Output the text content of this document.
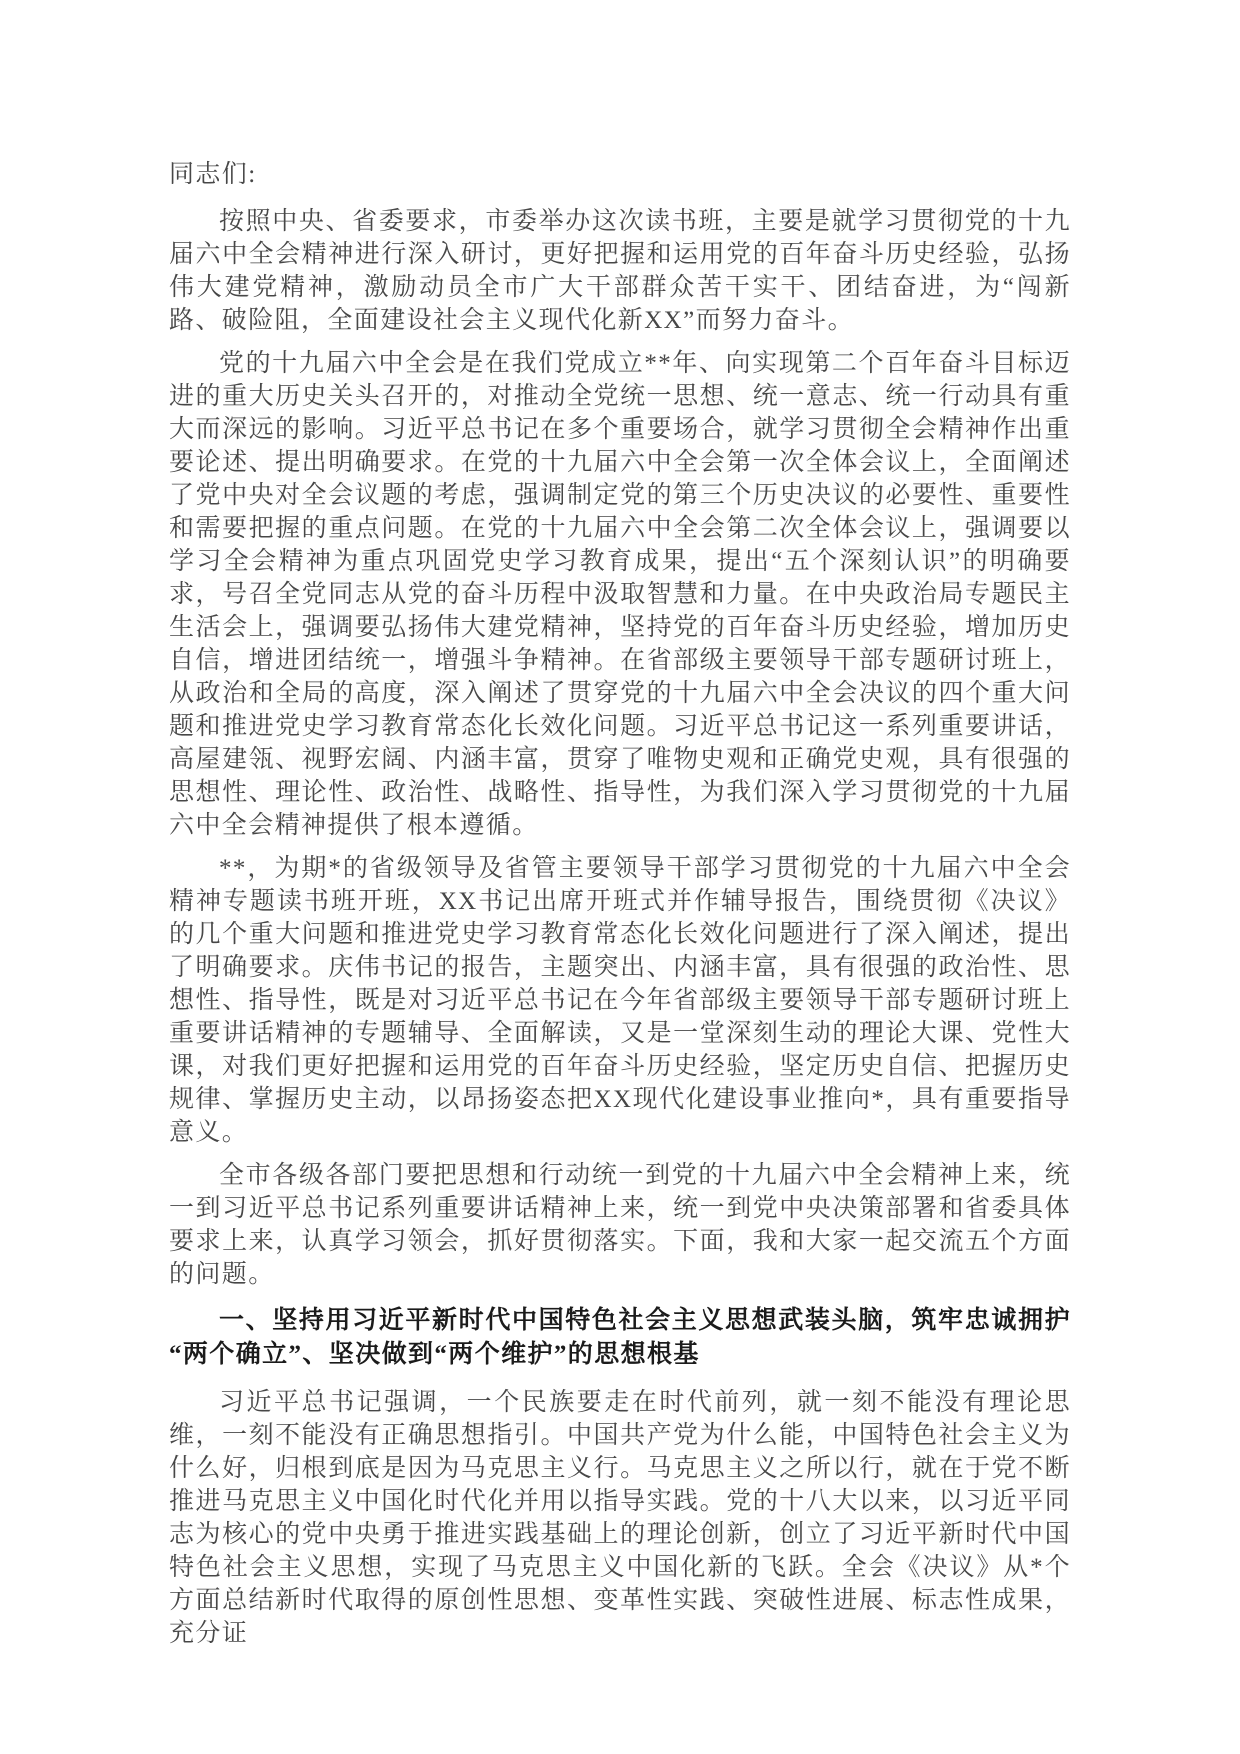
同志们:

按照中央、省委要求，市委举办这次读书班，主要是就学习贯彻党的十九届六中全会精神进行深入研讨，更好把握和运用党的百年奋斗历史经验，弘扬伟大建党精神，激励动员全市广大干部群众苦干实干、团结奋进，为“闯新路、破险阻，全面建设社会主义现代化新XX”而努力奋斗。

党的十九届六中全会是在我们党成立**年、向实现第二个百年奋斗目标迈进的重大历史关头召开的，对推动全党统一思想、统一意志、统一行动具有重大而深远的影响。习近平总书记在多个重要场合，就学习贯彻全会精神作出重要论述、提出明确要求。在党的十九届六中全会第一次全体会议上，全面阐述了党中央对全会议题的考虑，强调制定党的第三个历史决议的必要性、重要性和需要把握的重点问题。在党的十九届六中全会第二次全体会议上，强调要以学习全会精神为重点巩固党史学习教育成果，提出“五个深刻认识”的明确要求，号召全党同志从党的奋斗历程中汲取智慧和力量。在中央政治局专题民主生活会上，强调要弘扬伟大建党精神，坚持党的百年奋斗历史经验，增加历史自信，增进团结统一，增强斗争精神。在省部级主要领导干部专题研讨班上，从政治和全局的高度，深入阐述了贯穿党的十九届六中全会决议的四个重大问题和推进党史学习教育常态化长效化问题。习近平总书记这一系列重要讲话，高屋建瓴、视野宏阔、内涵丰富，贯穿了唯物史观和正确党史观，具有很强的思想性、理论性、政治性、战略性、指导性，为我们深入学习贯彻党的十九届六中全会精神提供了根本遵循。

**，为期*的省级领导及省管主要领导干部学习贯彻党的十九届六中全会精神专题读书班开班，XX书记出席开班式并作辅导报告，围绕贯彻《决议》的几个重大问题和推进党史学习教育常态化长效化问题进行了深入阐述，提出了明确要求。庆伟书记的报告，主题突出、内涵丰富，具有很强的政治性、思想性、指导性，既是对习近平总书记在今年省部级主要领导干部专题研讨班上重要讲话精神的专题辅导、全面解读，又是一堂深刻生动的理论大课、党性大课，对我们更好把握和运用党的百年奋斗历史经验，坚定历史自信、把握历史规律、掌握历史主动，以昂扬姿态把XX现代化建设事业推向*，具有重要指导意义。

全市各级各部门要把思想和行动统一到党的十九届六中全会精神上来，统一到习近平总书记系列重要讲话精神上来，统一到党中央决策部署和省委具体要求上来，认真学习领会，抓好贯彻落实。下面，我和大家一起交流五个方面的问题。

一、坚持用习近平新时代中国特色社会主义思想武装头脑，筑牢忠诚拥护“两个确立”、坚决做到“两个维护”的思想根基

习近平总书记强调，一个民族要走在时代前列，就一刻不能没有理论思维，一刻不能没有正确思想指引。中国共产党为什么能，中国特色社会主义为什么好，归根到底是因为马克思主义行。马克思主义之所以行，就在于党不断推进马克思主义中国化时代化并用以指导实践。党的十八大以来，以习近平同志为核心的党中央勇于推进实践基础上的理论创新，创立了习近平新时代中国特色社会主义思想，实现了马克思主义中国化新的飞跃。全会《决议》从*个方面总结新时代取得的原创性思想、变革性实践、突破性进展、标志性成果，充分证
